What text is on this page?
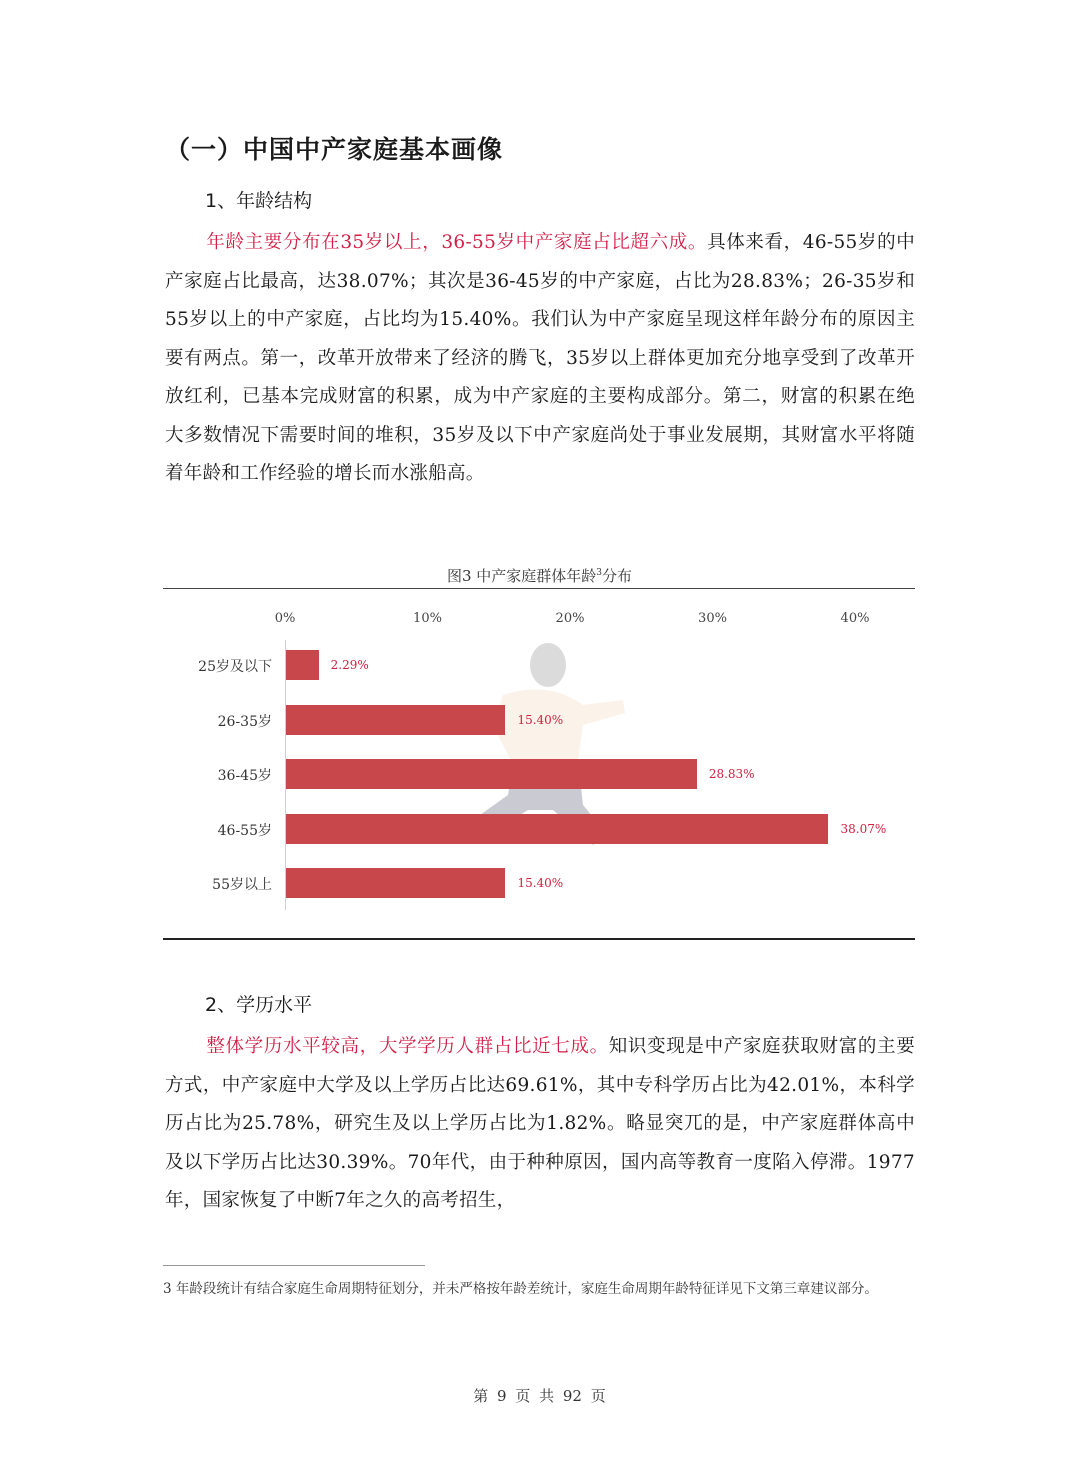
（一）中国中产家庭基本画像
1、年龄结构
年龄主要分布在35岁以上，36-55岁中产家庭占比超六成。具体来看，46-55岁的中产家庭占比最高，达38.07%；其次是36-45岁的中产家庭，占比为28.83%；26-35岁和55岁以上的中产家庭，占比均为15.40%。我们认为中产家庭呈现这样年龄分布的原因主要有两点。第一，改革开放带来了经济的腾飞，35岁以上群体更加充分地享受到了改革开放红利，已基本完成财富的积累，成为中产家庭的主要构成部分。第二，财富的积累在绝大多数情况下需要时间的堆积，35岁及以下中产家庭尚处于事业发展期，其财富水平将随着年龄和工作经验的增长而水涨船高。
图3 中产家庭群体年龄$^3$分布
0%	10%	20%	30%	40%
25岁及以下	2.29%
26-35岁	15.40%
36-45岁	28.83%
46-55岁	38.07%
55岁以上	15.40%
2、学历水平
整体学历水平较高，大学学历人群占比近七成。知识变现是中产家庭获取财富的主要方式，中产家庭中大学及以上学历占比达69.61%，其中专科学历占比为42.01%，本科学历占比为25.78%，研究生及以上学历占比为1.82%。略显突兀的是，中产家庭群体高中及以下学历占比达30.39%。70年代，由于种种原因，国内高等教育一度陷入停滞。1977年，国家恢复了中断7年之久的高考招生，
3 年龄段统计有结合家庭生命周期特征划分，并未严格按年龄差统计，家庭生命周期年龄特征详见下文第三章建议部分。
第 9 页 共 92 页
